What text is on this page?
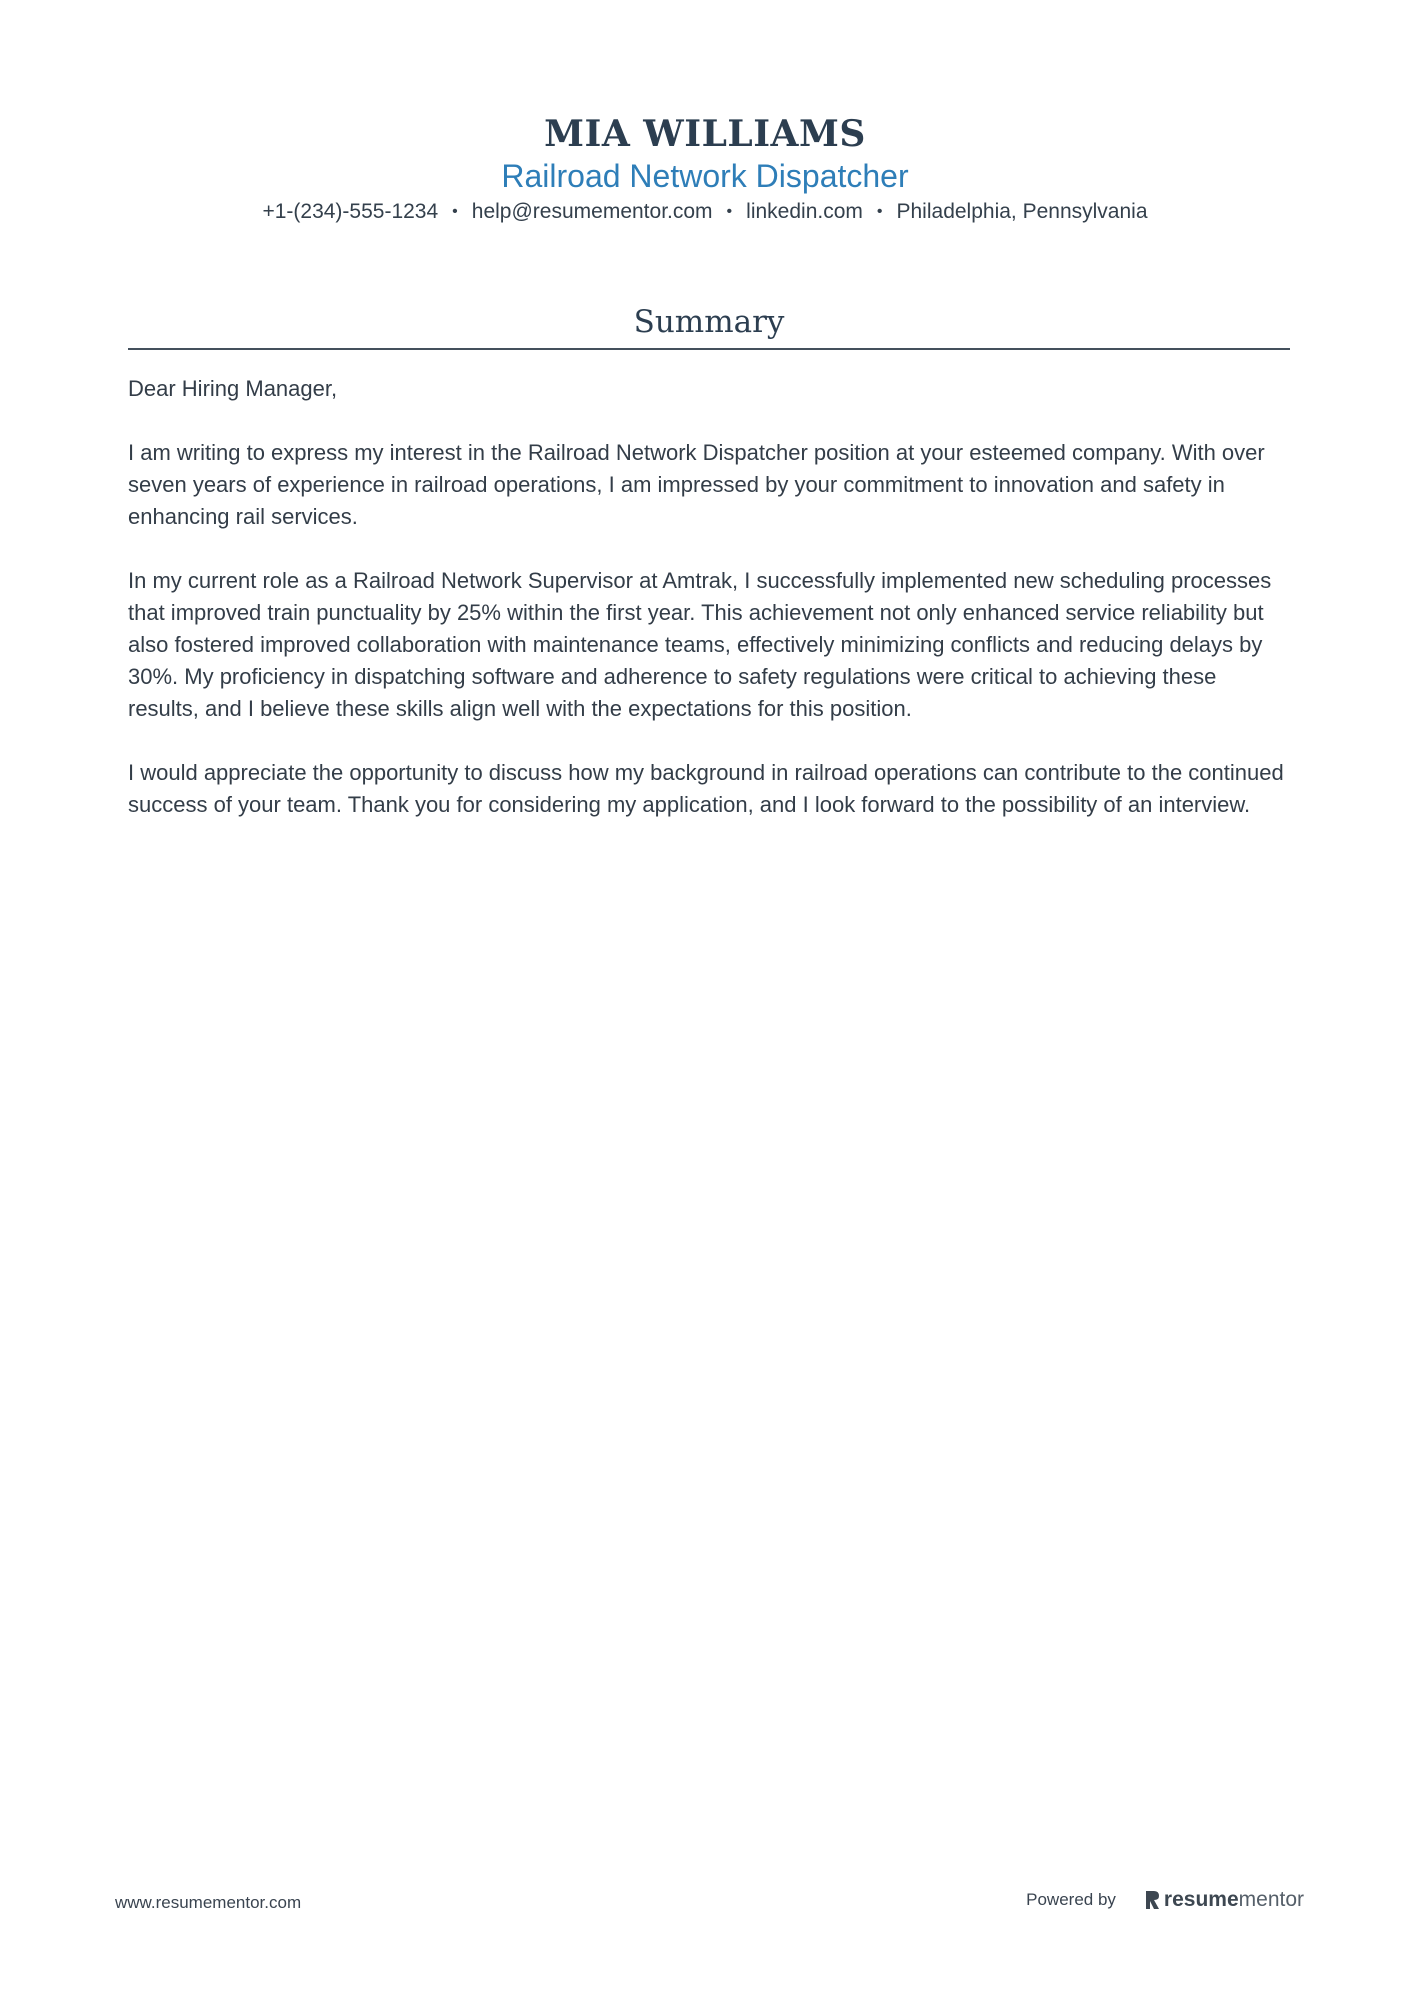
MIA WILLIAMS
Railroad Network Dispatcher
+1-(234)-555-1234 • help@resumementor.com • linkedin.com • Philadelphia, Pennsylvania
Summary

Dear Hiring Manager,

I am writing to express my interest in the Railroad Network Dispatcher position at your esteemed company. With over seven years of experience in railroad operations, I am impressed by your commitment to innovation and safety in enhancing rail services.

In my current role as a Railroad Network Supervisor at Amtrak, I successfully implemented new scheduling processes that improved train punctuality by 25% within the first year. This achievement not only enhanced service reliability but also fostered improved collaboration with maintenance teams, effectively minimizing conflicts and reducing delays by 30%. My proficiency in dispatching software and adherence to safety regulations were critical to achieving these results, and I believe these skills align well with the expectations for this position.

I would appreciate the opportunity to discuss how my background in railroad operations can contribute to the continued success of your team. Thank you for considering my application, and I look forward to the possibility of an interview.

www.resumementor.com	Powered by resume mentor
